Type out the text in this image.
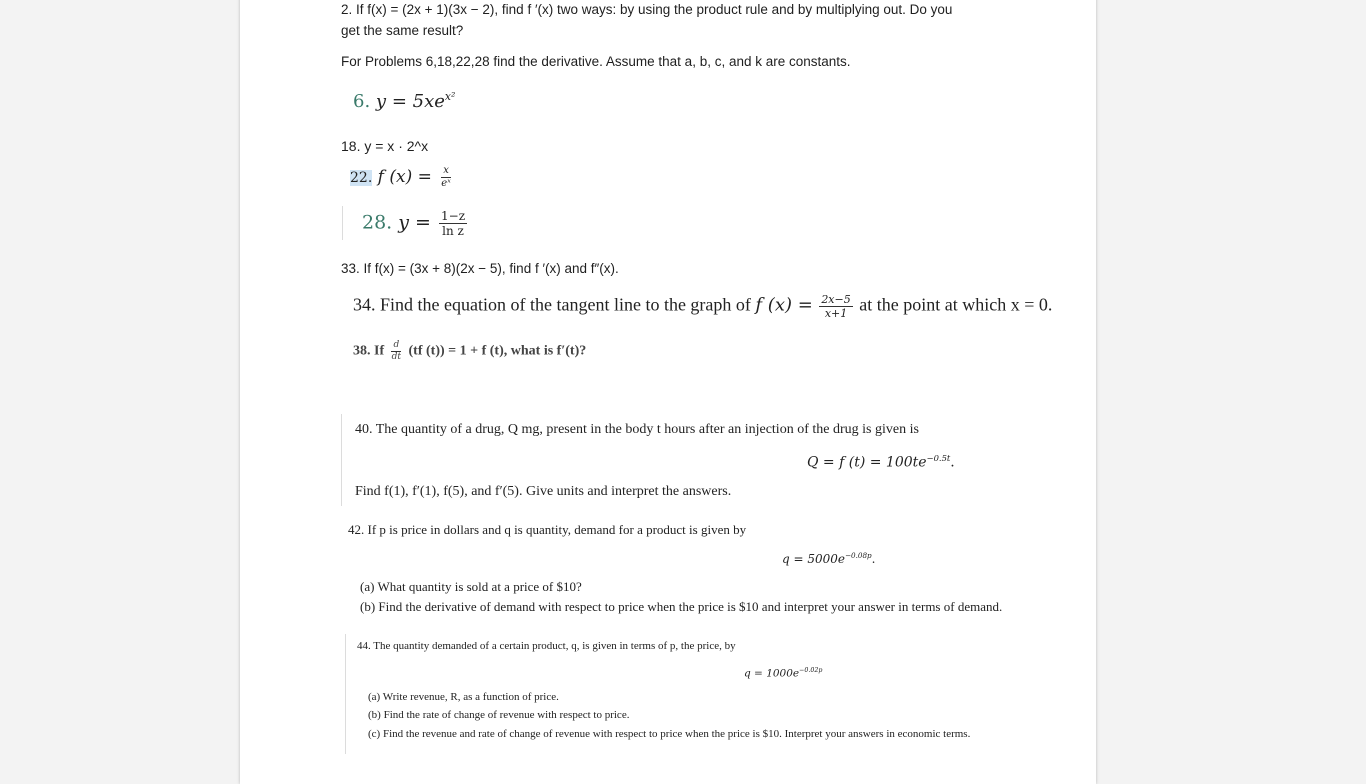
2. If f(x) = (2x + 1)(3x − 2), find f ′(x) two ways: by using the product rule and by multiplying out. Do you
get the same result?
For Problems 6,18,22,28 find the derivative. Assume that a, b, c, and k are constants.
6. $y = 5xe^{x^2}$
18. y = x · 2^x
22. f $(x) = \frac{x}{\text{eˣ}}$
28. $y = \frac{1-z}{\text{ln z}}$
33. If f(x) = (3x + 8)(2x − 5), find f ′(x) and f″(x).
34. Find the equation of the tangent line to the graph of f $(x) = \frac{2x-5}{x+1}$ at the point at which x = 0.
38. If $\frac{d}{dt} (tf$ (t)) = 1 + f (t), what is f′(t)?
40. The quantity of a drug, Q mg, present in the body t hours after an injection of the drug is given is
Q = f $(t) = 100te^{-0.5t}$.
Find f(1), f′(1), f(5), and f′(5). Give units and interpret the answers.
42. If p is price in dollars and q is quantity, demand for a product is given by
$q = 5000e^{-0.08p}$.
(a) What quantity is sold at a price of $10?
(b) Find the derivative of demand with respect to price when the price is $10 and interpret your answer in terms of demand.
44. The quantity demanded of a certain product, q, is given in terms of p, the price, by
$q = 1000e^{-0.02p}$
(a) Write revenue, R, as a function of price.
(b) Find the rate of change of revenue with respect to price.
(c) Find the revenue and rate of change of revenue with respect to price when the price is $10. Interpret your answers in economic terms.
